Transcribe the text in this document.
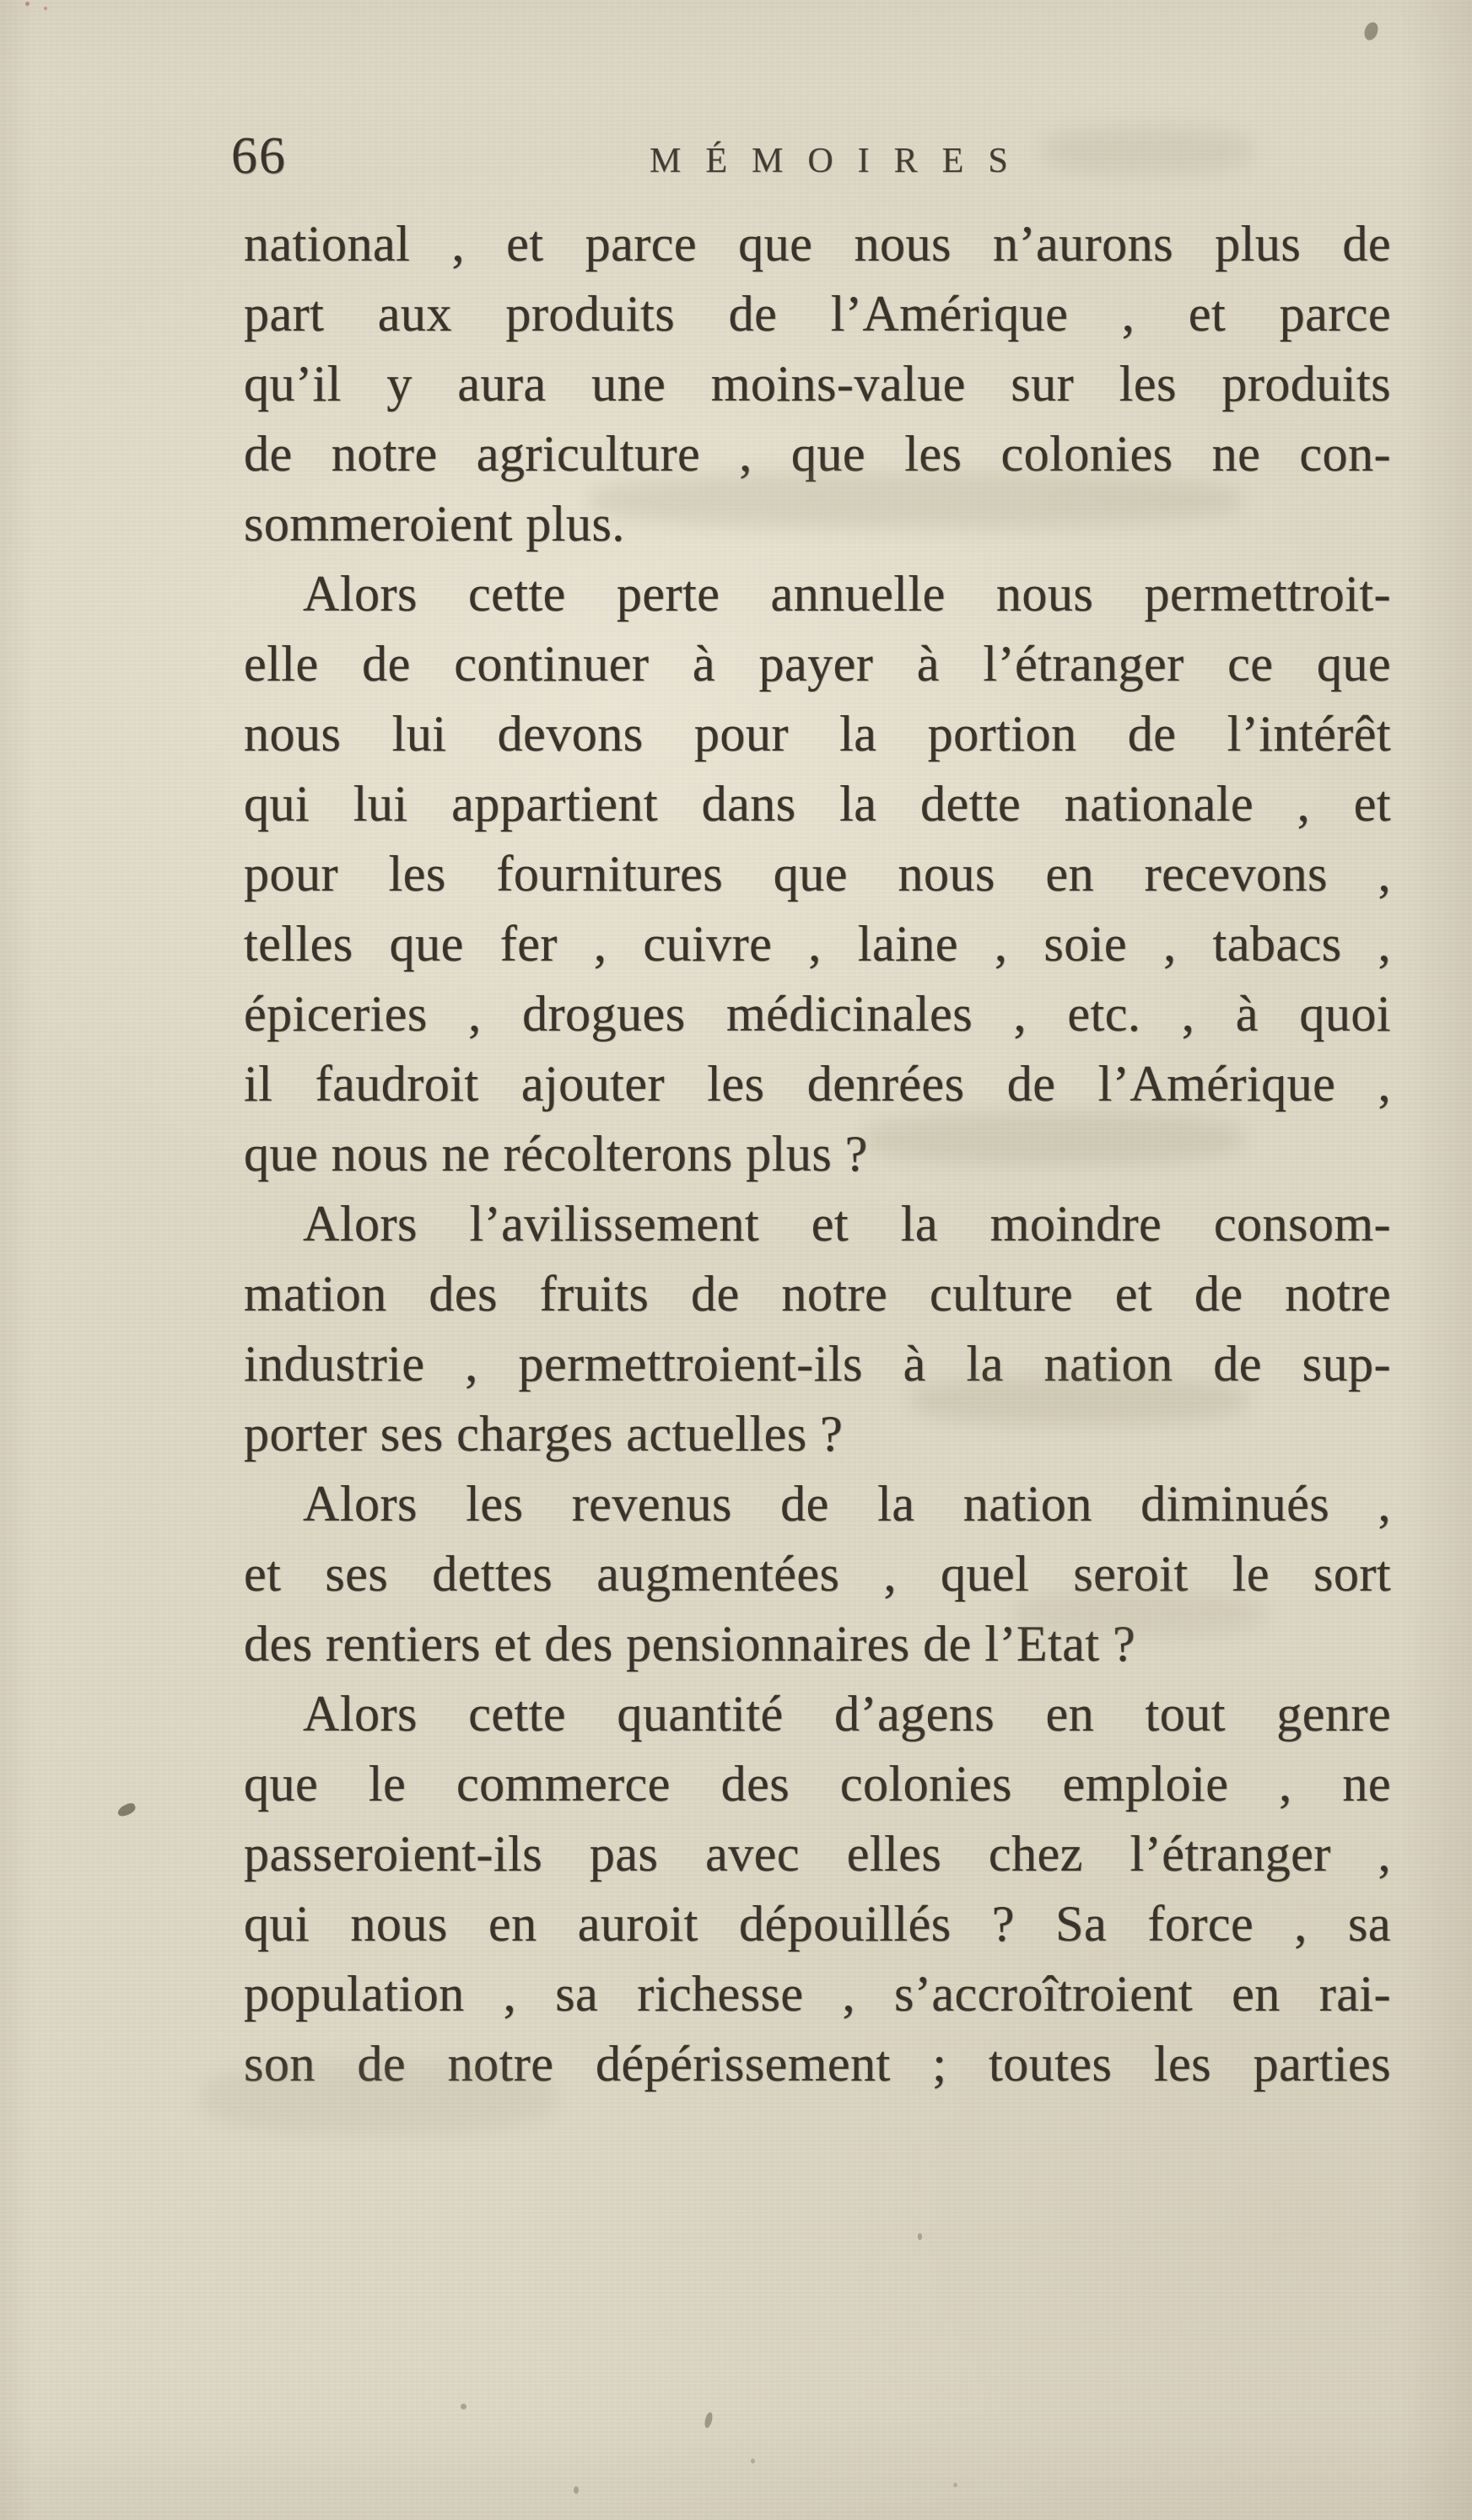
66	MÉMOIRES
national , et parce que nous n’aurons plus de
part aux produits de l’Amérique , et parce
qu’il y aura une moins-value sur les produits
de notre agriculture , que les colonies ne con-
sommeroient plus.
Alors cette perte annuelle nous permettroit-
elle de continuer à payer à l’étranger ce que
nous lui devons pour la portion de l’intérêt
qui lui appartient dans la dette nationale , et
pour les fournitures que nous en recevons ,
telles que fer , cuivre , laine , soie , tabacs ,
épiceries , drogues médicinales , etc. , à quoi
il faudroit ajouter les denrées de l’Amérique ,
que nous ne récolterons plus ?
Alors l’avilissement et la moindre consom-
mation des fruits de notre culture et de notre
industrie , permettroient-ils à la nation de sup-
porter ses charges actuelles ?
Alors les revenus de la nation diminués ,
et ses dettes augmentées , quel seroit le sort
des rentiers et des pensionnaires de l’Etat ?
Alors cette quantité d’agens en tout genre
que le commerce des colonies emploie , ne
passeroient-ils pas avec elles chez l’étranger ,
qui nous en auroit dépouillés ? Sa force , sa
population , sa richesse , s’accroîtroient en rai-
son de notre dépérissement ; toutes les parties
